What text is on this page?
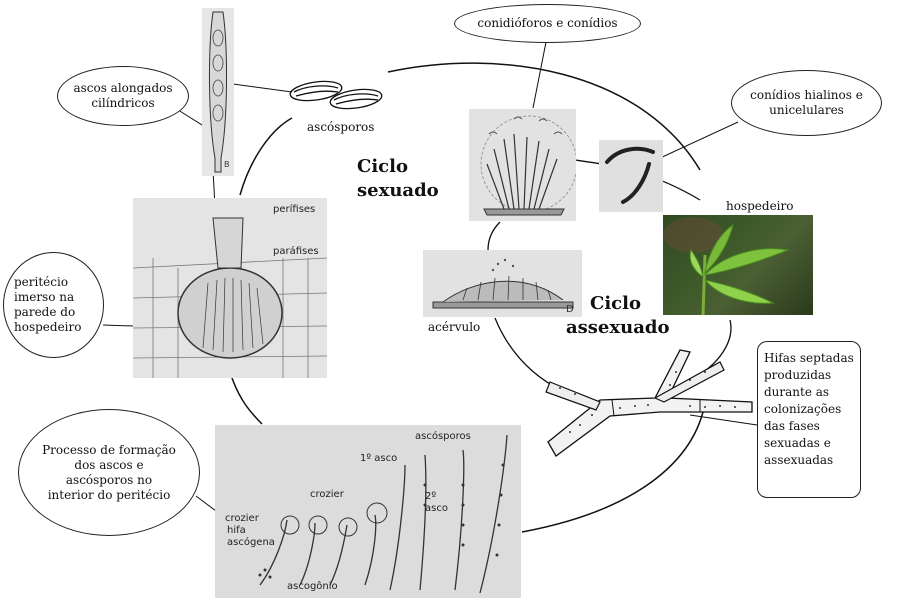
B
perífises
paráfises
D
ascósporos
1º asco
crozier	2º asco
crozier
hifa ascógena
ascogônio
ascos alongados cilíndricos
conidióforos e conídios
conídios hialinos e unicelulares
peritécio imerso na parede do hospedeiro
Processo de formação dos ascos e ascósporos no interior do peritécio
Hifas septadas produzidas durante as colonizações das fases sexuadas e assexuadas
Ciclo
sexuado
Ciclo
assexuado
ascósporos
hospedeiro
acérvulo
